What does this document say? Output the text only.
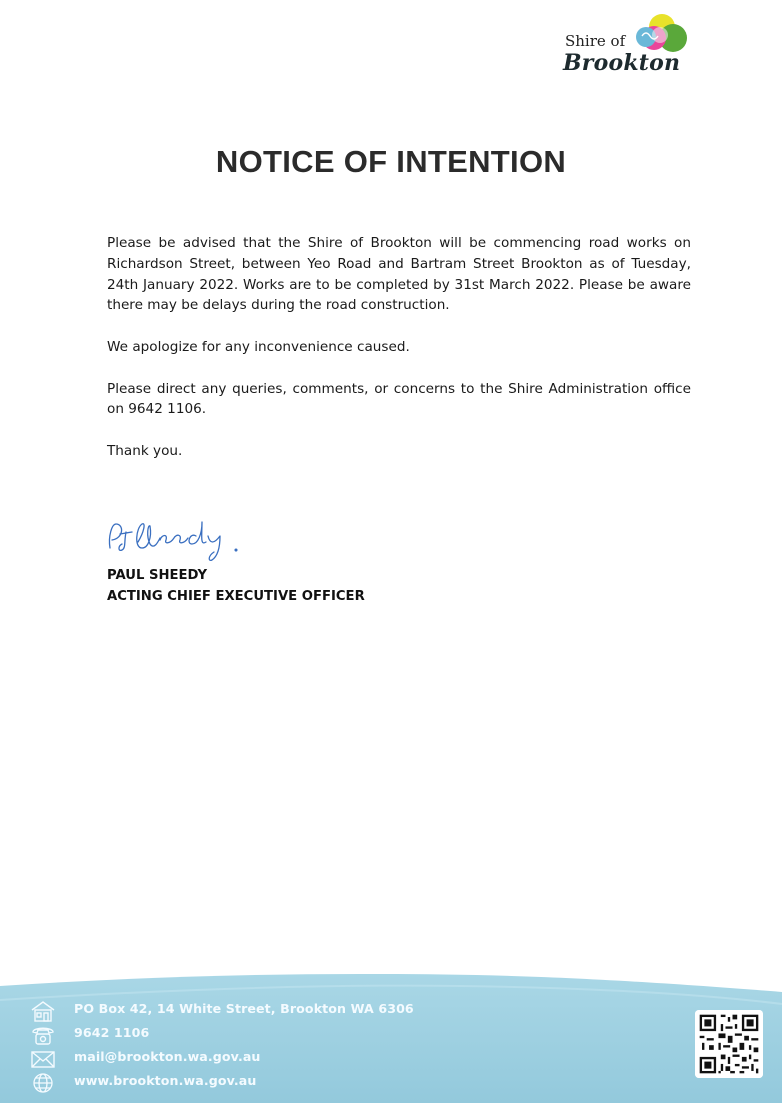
Shire of
Brookton
NOTICE OF INTENTION

Please be advised that the Shire of Brookton will be commencing road works on Richardson Street, between Yeo Road and Bartram Street Brookton as of Tuesday, 24th January 2022. Works are to be completed by 31st March 2022. Please be aware there may be delays during the road construction.

We apologize for any inconvenience caused.

Please direct any queries, comments, or concerns to the Shire Administration office on 9642 1106.

Thank you.

PAUL SHEEDY
ACTING CHIEF EXECUTIVE OFFICER
PO Box 42, 14 White Street, Brookton WA 6306
9642 1106
mail@brookton.wa.gov.au
www.brookton.wa.gov.au
